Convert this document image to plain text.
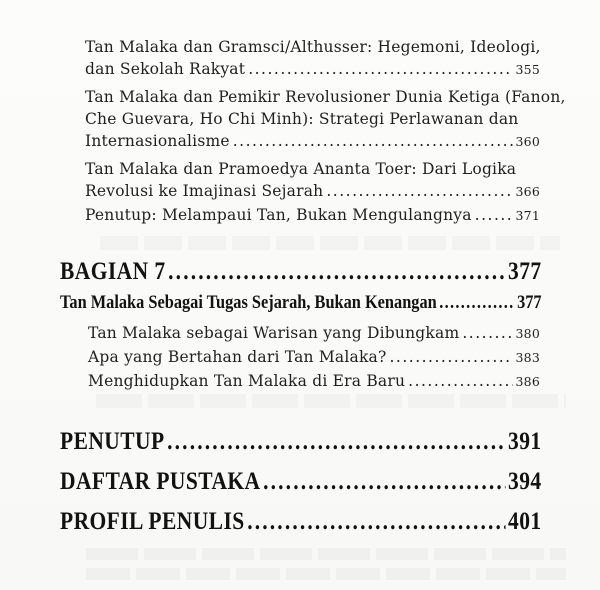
Tan Malaka dan Gramsci/Althusser: Hegemoni, Ideologi,
dan Sekolah Rakyat .....	355
Tan Malaka dan Pemikir Revolusioner Dunia Ketiga (Fanon,
Che Guevara, Ho Chi Minh): Strategi Perlawanan dan
Internasionalisme .....	360
Tan Malaka dan Pramoedya Ananta Toer: Dari Logika
Revolusi ke Imajinasi Sejarah .....	366
Penutup: Melampaui Tan, Bukan Mengulangnya .....	371
BAGIAN 7 .....	377
Tan Malaka Sebagai Tugas Sejarah, Bukan Kenangan .....	377
Tan Malaka sebagai Warisan yang Dibungkam .....	380
Apa yang Bertahan dari Tan Malaka? .....	383
Menghidupkan Tan Malaka di Era Baru .....	386
PENUTUP .....	391
DAFTAR PUSTAKA .....	394
PROFIL PENULIS .....	401
